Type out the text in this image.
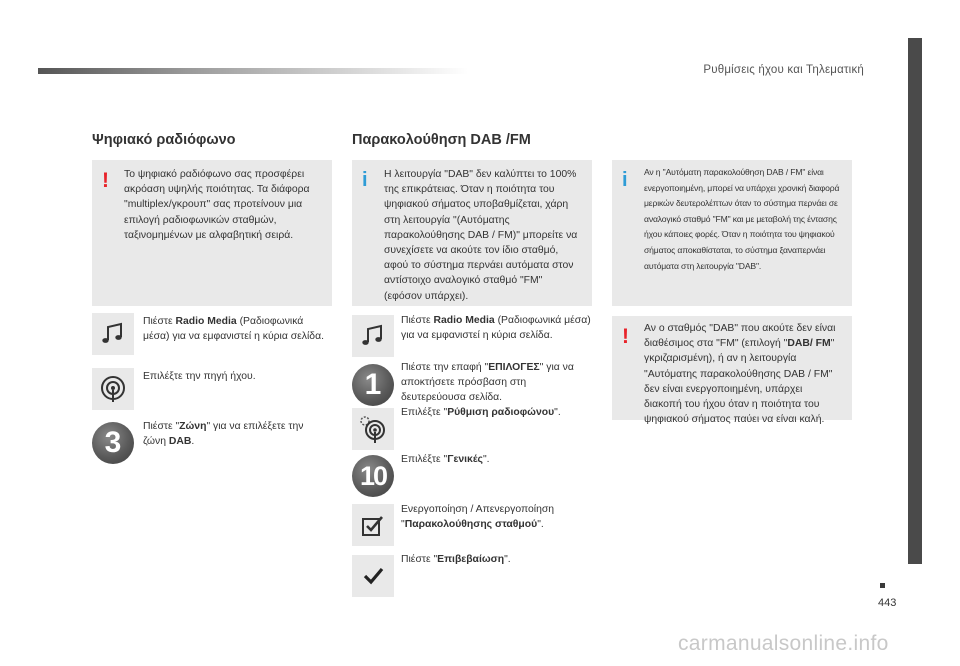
Ρυθμίσεις ήχου και Τηλεματική
443
Ψηφιακό ραδιόφωνο
! Το ψηφιακό ραδιόφωνο σας προσφέρει ακρόαση υψηλής ποιότητας. Τα διάφορα "multiplex/γκρουπ" σας προτείνουν μια επιλογή ραδιοφωνικών σταθμών, ταξινομημένων με αλφαβητική σειρά.
Πιέστε Radio Media (Ραδιοφωνικά μέσα) για να εμφανιστεί η κύρια σελίδα.
Επιλέξτε την πηγή ήχου.
3	Πιέστε "Ζώνη" για να επιλέξετε την ζώνη DAB.
Παρακολούθηση DAB /FM
i Η λειτουργία "DAB" δεν καλύπτει το 100% της επικράτειας. Όταν η ποιότητα του ψηφιακού σήματος υποβαθμίζεται, χάρη στη λειτουργία "(Αυτόματης παρακολούθησης DAB / FM)" μπορείτε να συνεχίσετε να ακούτε τον ίδιο σταθμό, αφού το σύστημα περνάει αυτόματα στον αντίστοιχο αναλογικό σταθμό "FM" (εφόσον υπάρχει).
Πιέστε Radio Media (Ραδιοφωνικά μέσα) για να εμφανιστεί η κύρια σελίδα.
1
Πιέστε την επαφή "ΕΠΙΛΟΓΕΣ" για να αποκτήσετε πρόσβαση στη δευτερεύουσα σελίδα.
Επιλέξτε "Ρύθμιση ραδιοφώνου".
10
Επιλέξτε "Γενικές".
Ενεργοποίηση / Απενεργοποίηση
"Παρακολούθησης σταθμού".
Πιέστε "Επιβεβαίωση".
i Αν η "Αυτόματη παρακολούθηση DAB / FM" είναι ενεργοποιημένη, μπορεί να υπάρχει χρονική διαφορά μερικών δευτερολέπτων όταν το σύστημα περνάει σε αναλογικό σταθμό "FM" και με μεταβολή της έντασης ήχου κάποιες φορές. Όταν η ποιότητα του ψηφιακού σήματος αποκαθίσταται, το σύστημα ξαναπερνάει αυτόματα στη λειτουργία "DAB".
! Αν ο σταθμός "DAB" που ακούτε δεν είναι διαθέσιμος στα "FM" (επιλογή "DAB/ FM" γκριζαρισμένη), ή αν η λειτουργία "Αυτόματης παρακολούθησης DAB / FM" δεν είναι ενεργοποιημένη, υπάρχει διακοπή του ήχου όταν η ποιότητα του ψηφιακού σήματος παύει να είναι καλή.
carmanualsonline.info
